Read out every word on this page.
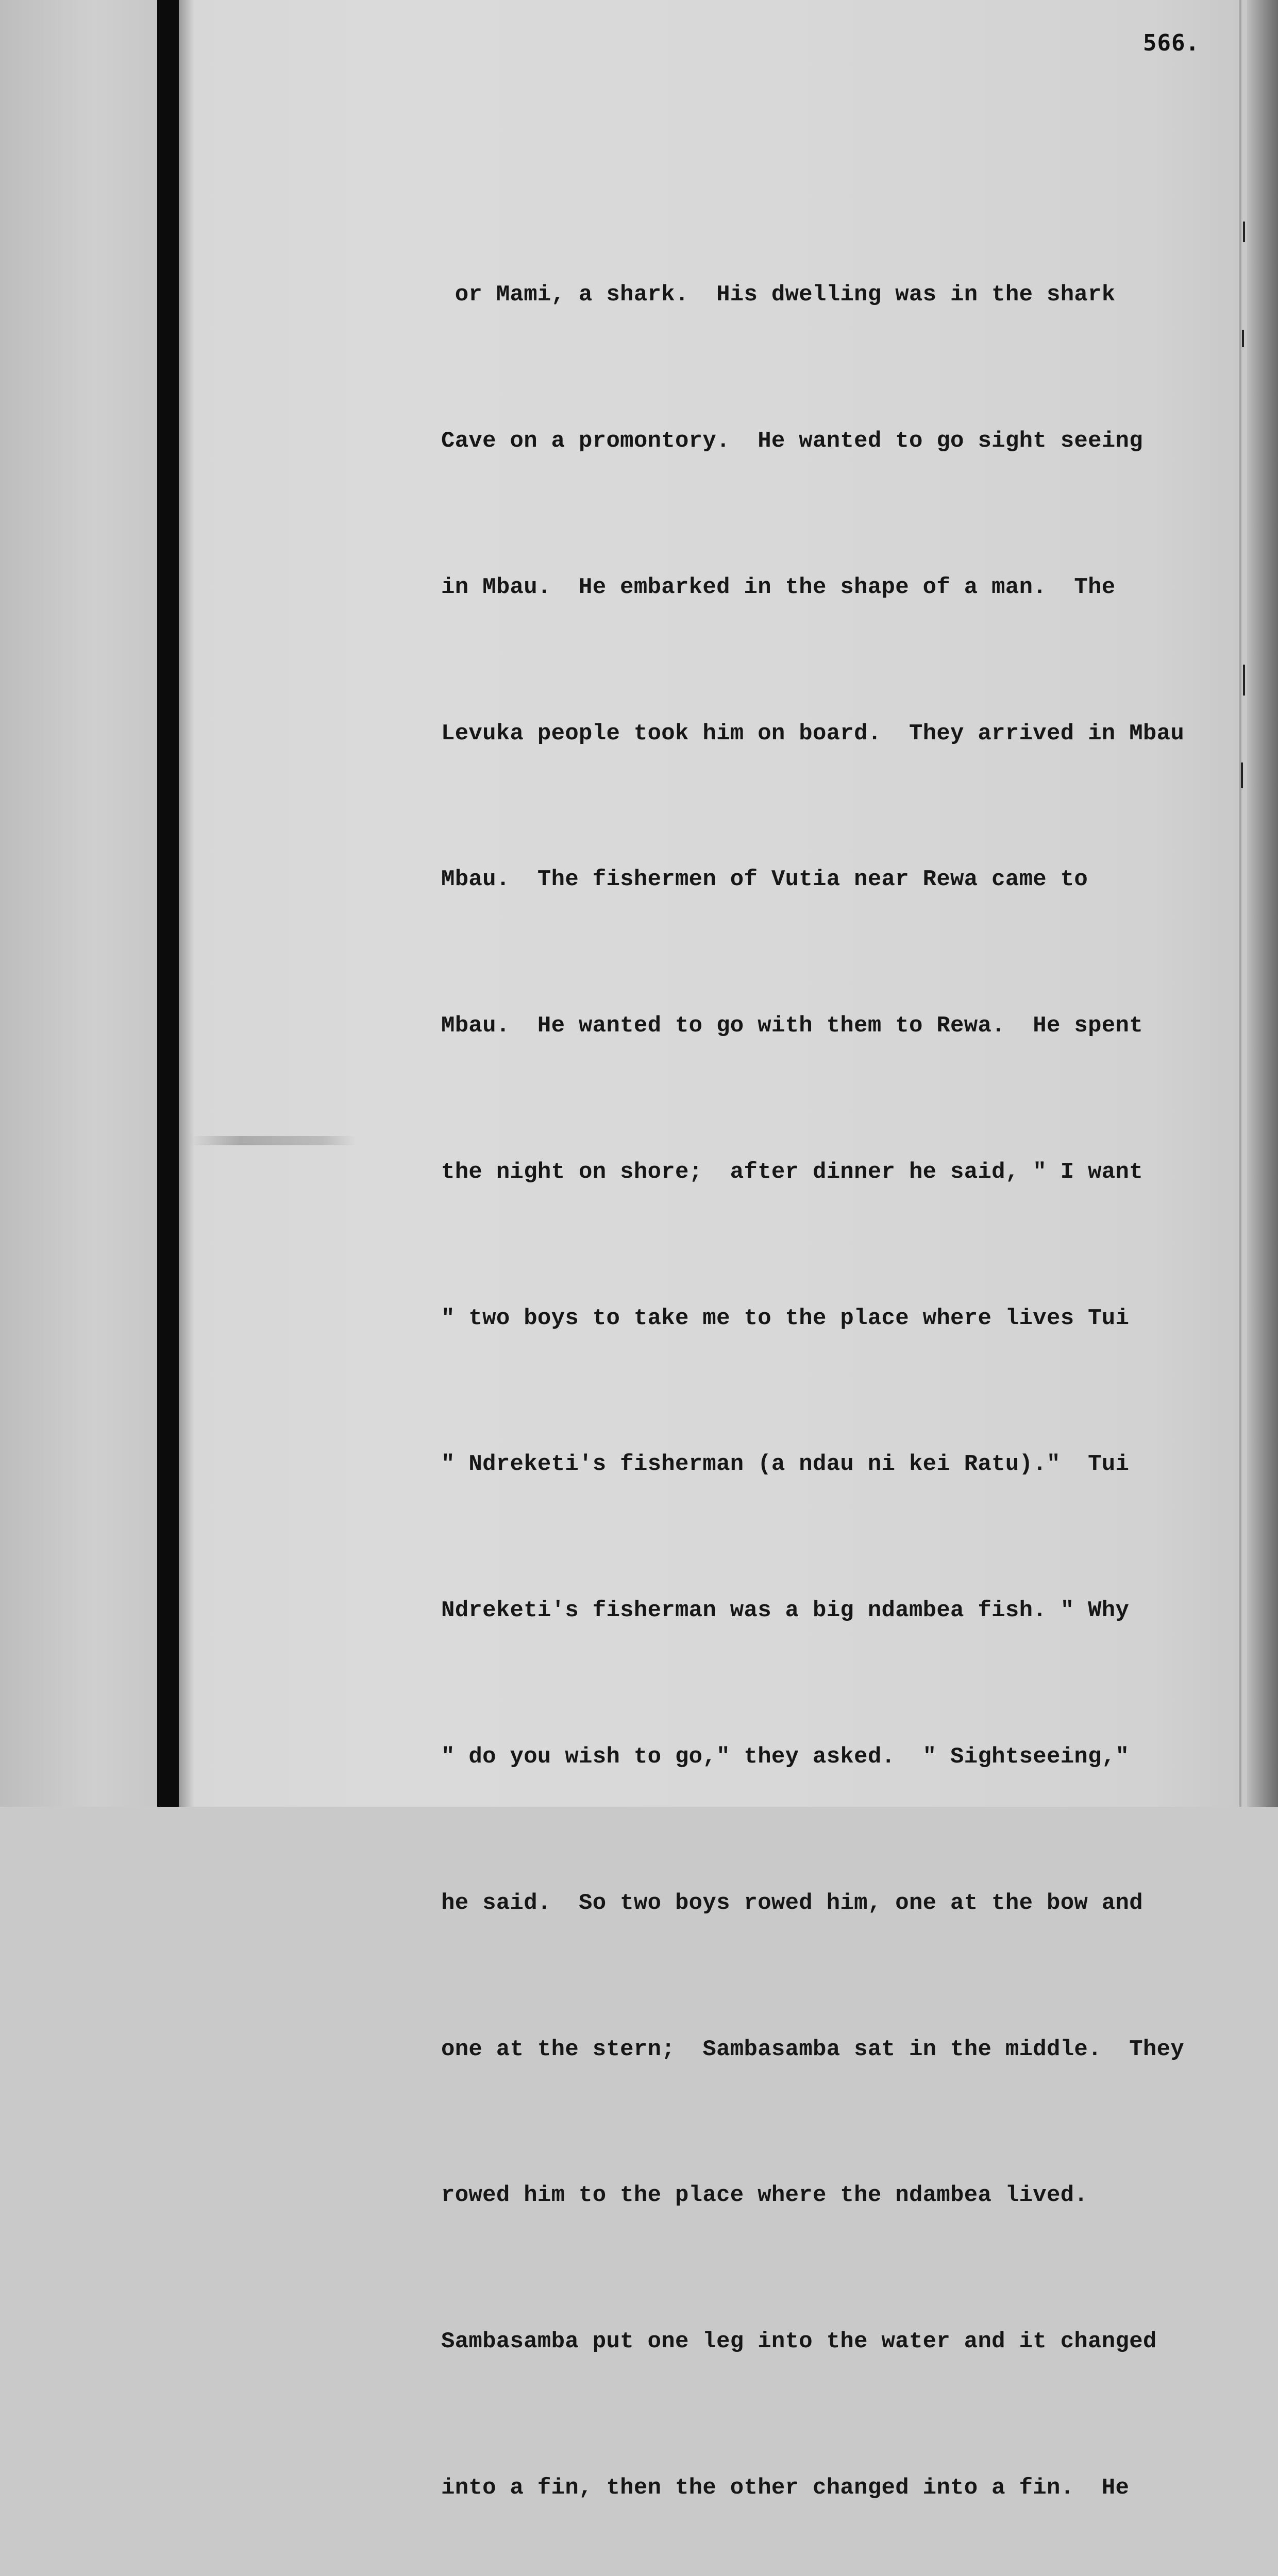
566.

or Mami, a shark.  His dwelling was in the shark

Cave on a promontory.  He wanted to go sight seeing

in Mbau.  He embarked in the shape of a man.  The

Levuka people took him on board.  They arrived in Mbau

Mbau.  The fishermen of Vutia near Rewa came to

Mbau.  He wanted to go with them to Rewa.  He spent

the night on shore;  after dinner he said, " I want

" two boys to take me to the place where lives Tui

" Ndreketi's fisherman (a ndau ni kei Ratu)."  Tui

Ndreketi's fisherman was a big ndambea fish. " Why

" do you wish to go," they asked.  " Sightseeing,"

he said.  So two boys rowed him, one at the bow and

one at the stern;  Sambasamba sat in the middle.  They

rowed him to the place where the ndambea lived.

Sambasamba put one leg into the water and it changed

into a fin, then the other changed into a fin.  He
